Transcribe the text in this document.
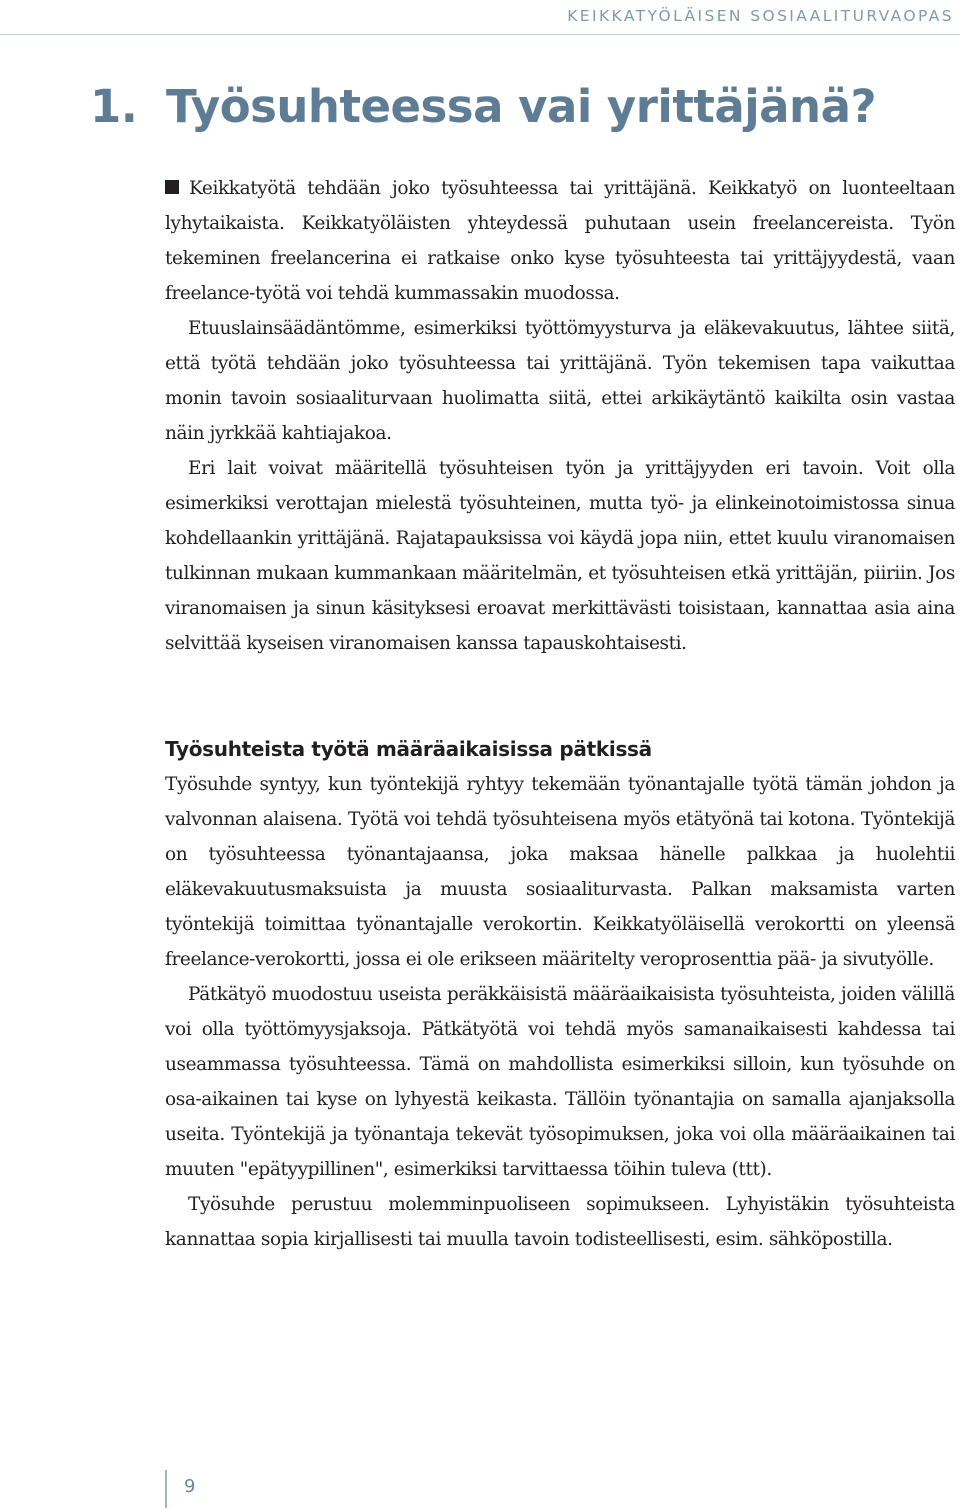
KEIKKATYÖLÄISEN SOSIAALITURVAOPAS
1. Työsuhteessa vai yrittäjänä?

Keikkatyötä tehdään joko työsuhteessa tai yrittäjänä. Keikkatyö on luonteeltaan lyhytaikaista. Keikkatyöläisten yhteydessä puhutaan usein freelancereista. Työn tekeminen freelancerina ei ratkaise onko kyse työsuhteesta tai yrittäjyydestä, vaan freelance-työtä voi tehdä kummassakin muodossa.

Etuuslainsäädäntömme, esimerkiksi työttömyysturva ja eläkevakuutus, lähtee siitä, että työtä tehdään joko työsuhteessa tai yrittäjänä. Työn tekemisen tapa vaikuttaa monin tavoin sosiaaliturvaan huolimatta siitä, ettei arkikäytäntö kaikilta osin vastaa näin jyrkkää kahtiajakoa.

Eri lait voivat määritellä työsuhteisen työn ja yrittäjyyden eri tavoin. Voit olla esimerkiksi verottajan mielestä työsuhteinen, mutta työ- ja elinkeinotoimistossa sinua kohdellaankin yrittäjänä. Rajatapauksissa voi käydä jopa niin, ettet kuulu viranomaisen tulkinnan mukaan kummankaan määritelmän, et työsuhteisen etkä yrittäjän, piiriin. Jos viranomaisen ja sinun käsityksesi eroavat merkittävästi toisistaan, kannattaa asia aina selvittää kyseisen viranomaisen kanssa tapauskohtaisesti.

Työsuhteista työtä määräaikaisissa pätkissä

Työsuhde syntyy, kun työntekijä ryhtyy tekemään työnantajalle työtä tämän johdon ja valvonnan alaisena. Työtä voi tehdä työsuhteisena myös etätyönä tai kotona. Työntekijä on työsuhteessa työnantajaansa, joka maksaa hänelle palkkaa ja huolehtii eläkevakuutusmaksuista ja muusta sosiaaliturvasta. Palkan maksamista varten työntekijä toimittaa työnantajalle verokortin. Keikkatyöläisellä verokortti on yleensä freelance-verokortti, jossa ei ole erikseen määritelty veroprosenttia pää- ja sivutyölle.

Pätkätyö muodostuu useista peräkkäisistä määräaikaisista työsuhteista, joiden välillä voi olla työttömyysjaksoja. Pätkätyötä voi tehdä myös samanaikaisesti kahdessa tai useammassa työsuhteessa. Tämä on mahdollista esimerkiksi silloin, kun työsuhde on osa-aikainen tai kyse on lyhyestä keikasta. Tällöin työnantajia on samalla ajanjaksolla useita. Työntekijä ja työnantaja tekevät työsopimuksen, joka voi olla määräaikainen tai muuten "epätyypillinen", esimerkiksi tarvittaessa töihin tuleva (ttt).

Työsuhde perustuu molemminpuoliseen sopimukseen. Lyhyistäkin työsuhteista kannattaa sopia kirjallisesti tai muulla tavoin todisteellisesti, esim. sähköpostilla.

9
